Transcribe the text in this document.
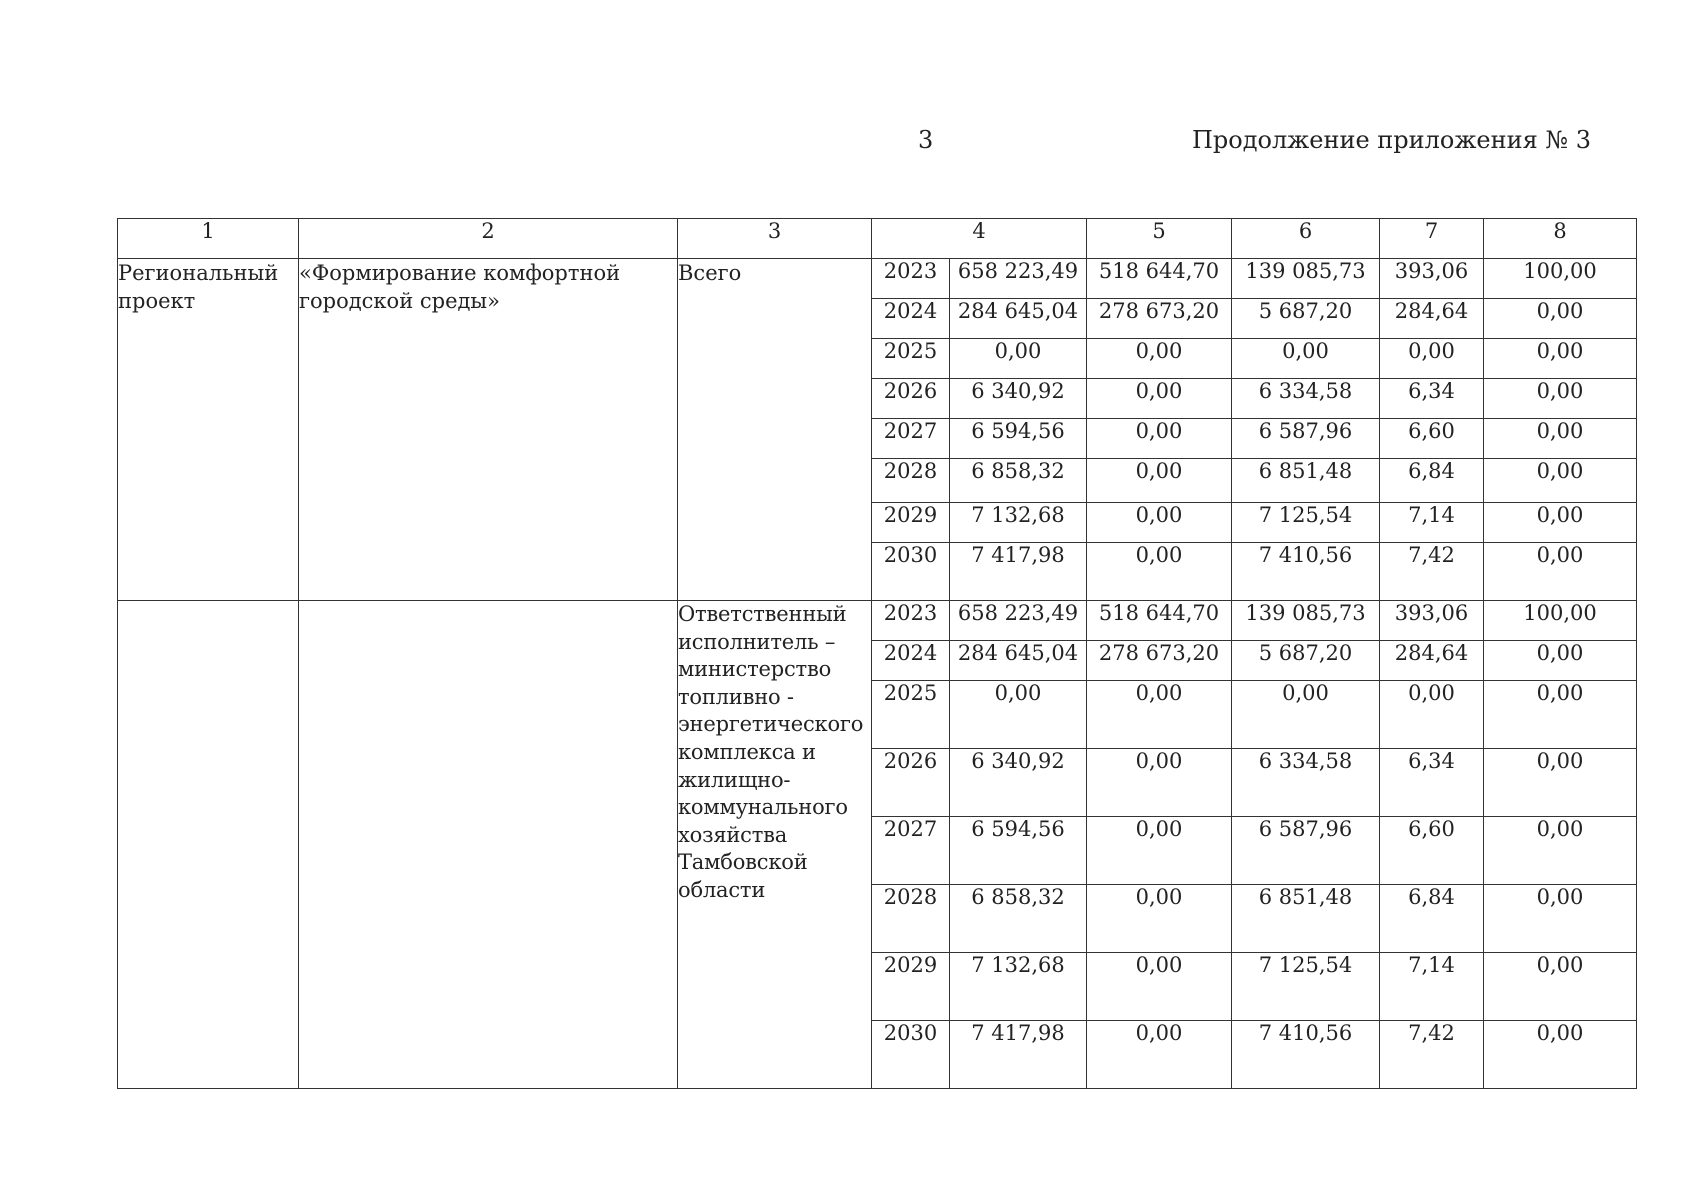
3	Продолжение приложения № 3
1	2	3	4		5	6	7	8
Региональный проект	«Формирование комфортной городской среды»	Всего	2023	658 223,49	518 644,70	139 085,73	393,06	100,00
			2024	284 645,04	278 673,20	5 687,20	284,64	0,00
			2025	0,00	0,00	0,00	0,00	0,00
			2026	6 340,92	0,00	6 334,58	6,34	0,00
			2027	6 594,56	0,00	6 587,96	6,60	0,00
			2028	6 858,32	0,00	6 851,48	6,84	0,00
			2029	7 132,68	0,00	7 125,54	7,14	0,00
			2030	7 417,98	0,00	7 410,56	7,42	0,00
		Ответственный исполнитель – министерство топливно - энергетического комплекса и жилищно-коммунального хозяйства Тамбовской области	2023	658 223,49	518 644,70	139 085,73	393,06	100,00
			2024	284 645,04	278 673,20	5 687,20	284,64	0,00
			2025	0,00	0,00	0,00	0,00	0,00
			2026	6 340,92	0,00	6 334,58	6,34	0,00
			2027	6 594,56	0,00	6 587,96	6,60	0,00
			2028	6 858,32	0,00	6 851,48	6,84	0,00
			2029	7 132,68	0,00	7 125,54	7,14	0,00
			2030	7 417,98	0,00	7 410,56	7,42	0,00
